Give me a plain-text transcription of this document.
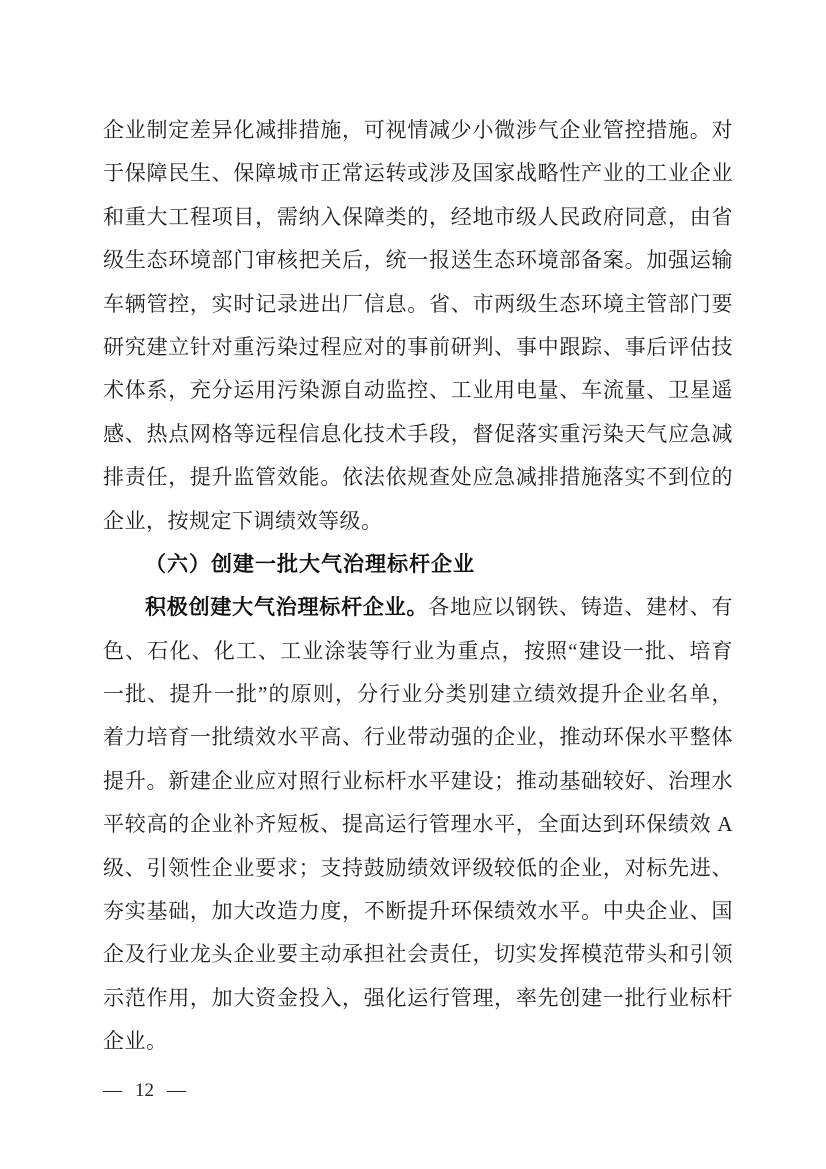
企业制定差异化减排措施，可视情减少小微涉气企业管控措施。对
于保障民生、保障城市正常运转或涉及国家战略性产业的工业企业
和重大工程项目，需纳入保障类的，经地市级人民政府同意，由省
级生态环境部门审核把关后，统一报送生态环境部备案。加强运输
车辆管控，实时记录进出厂信息。省、市两级生态环境主管部门要
研究建立针对重污染过程应对的事前研判、事中跟踪、事后评估技
术体系，充分运用污染源自动监控、工业用电量、车流量、卫星遥
感、热点网格等远程信息化技术手段，督促落实重污染天气应急减
排责任，提升监管效能。依法依规查处应急减排措施落实不到位的
企业，按规定下调绩效等级。
（六）创建一批大气治理标杆企业
积极创建大气治理标杆企业。各地应以钢铁、铸造、建材、有
色、石化、化工、工业涂装等行业为重点，按照“建设一批、培育
一批、提升一批”的原则，分行业分类别建立绩效提升企业名单，
着力培育一批绩效水平高、行业带动强的企业，推动环保水平整体
提升。新建企业应对照行业标杆水平建设；推动基础较好、治理水
平较高的企业补齐短板、提高运行管理水平，全面达到环保绩效 A
级、引领性企业要求；支持鼓励绩效评级较低的企业，对标先进、
夯实基础，加大改造力度，不断提升环保绩效水平。中央企业、国
企及行业龙头企业要主动承担社会责任，切实发挥模范带头和引领
示范作用，加大资金投入，强化运行管理，率先创建一批行业标杆
企业。
— 12 —
